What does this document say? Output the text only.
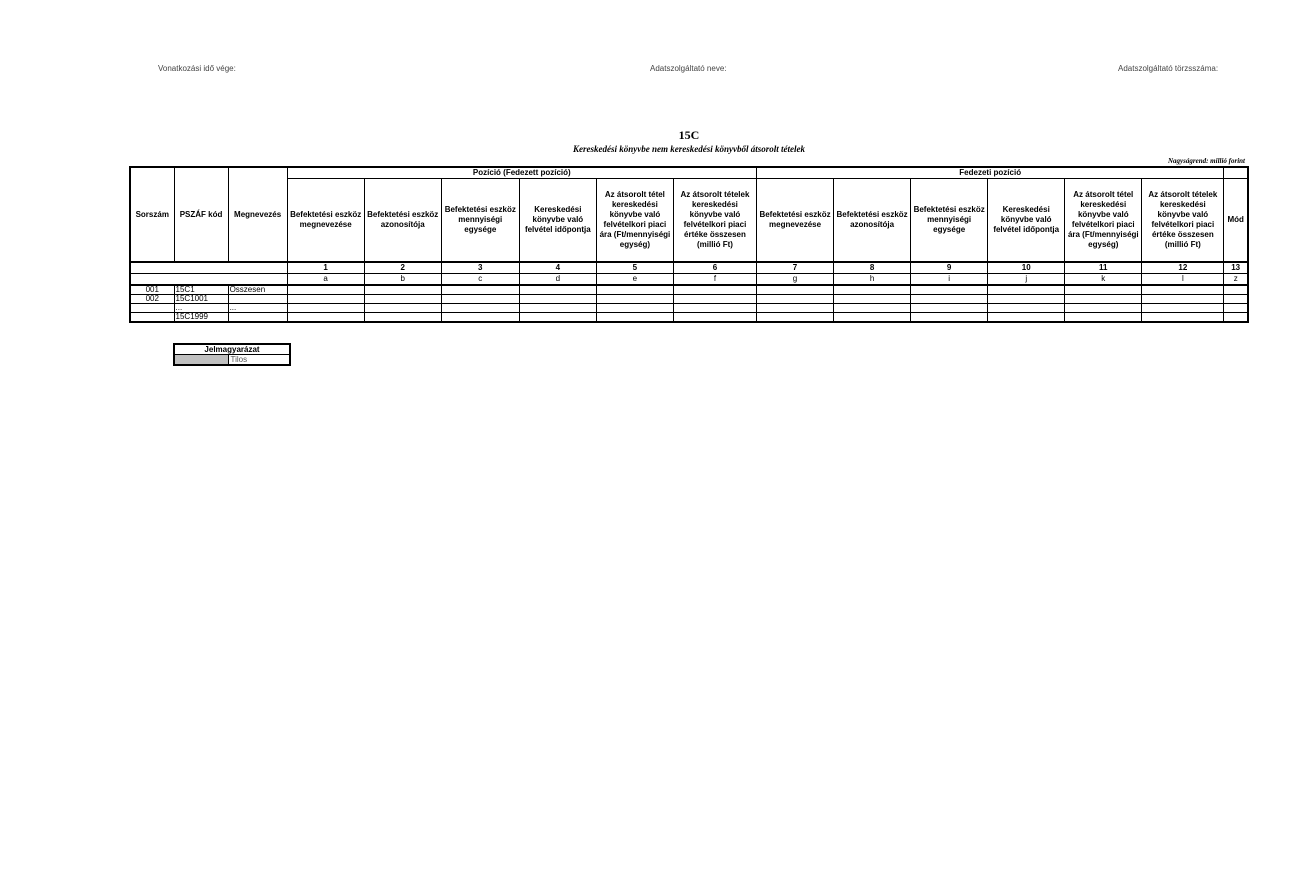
Vonatkozási idő vége:	Adatszolgáltató neve:	Adatszolgáltató törzsszáma:
15C
Kereskedési könyvbe nem kereskedési könyvből átsorolt tételek
Nagyságrend: millió forint
Sorszám	PSZÁF kód	Megnevezés	Pozíció (Fedezett pozíció)						Fedezeti pozíció						
			Befektetési eszköz megnevezése	Befektetési eszköz azonosítója	Befektetési eszköz mennyiségi egysége	Kereskedési könyvbe való felvétel időpontja	Az átsorolt tétel kereskedési könyvbe való felvételkori piaci ára (Ft/mennyiségi egység)	Az átsorolt tételek kereskedési könyvbe való felvételkori piaci értéke összesen (millió Ft)	Befektetési eszköz megnevezése	Befektetési eszköz azonosítója	Befektetési eszköz mennyiségi egysége	Kereskedési könyvbe való felvétel időpontja	Az átsorolt tétel kereskedési könyvbe való felvételkori piaci ára (Ft/mennyiségi egység)	Az átsorolt tételek kereskedési könyvbe való felvételkori piaci értéke összesen (millió Ft)	Mód
			1	2	3	4	5	6	7	8	9	10	11	12	13
			a	b	c	d	e	f	g	h	i	j	k	l	z
001	15C1	Összesen													
002	15C1001														
	...	...													
	15C1999														
Jelmagyarázat
	Tilos
